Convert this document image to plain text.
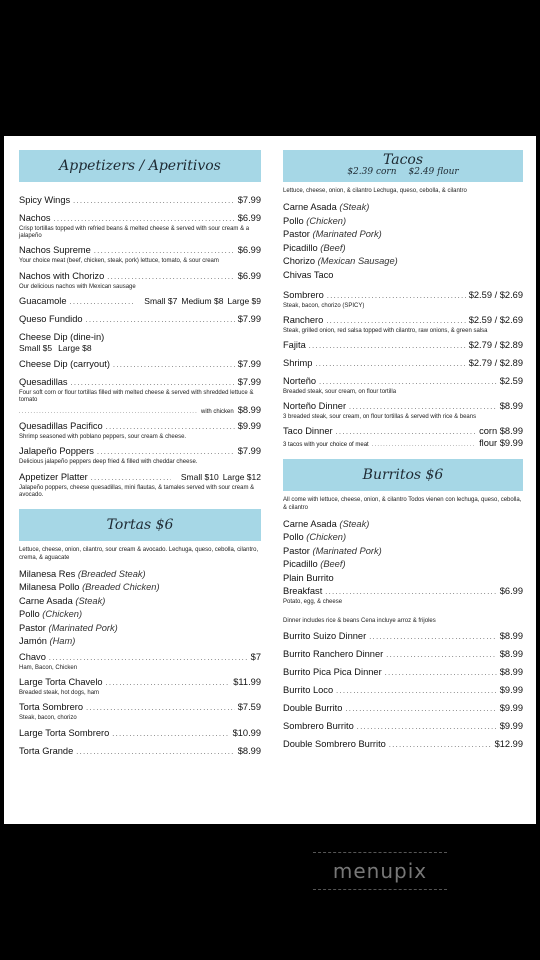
Appetizers / Aperitivos
Spicy Wings .....	$7.99
Nachos .....	$6.99
Crisp tortillas topped with refried beans & melted cheese & served with sour cream & a jalapeño
Nachos Supreme .....	$6.99
Your choice meat (beef, chicken, steak, pork) lettuce, tomato, & sour cream
Nachos with Chorizo .....	$6.99
Our delicious nachos with Mexican sausage
Guacamole .....	Small $7 Medium $8 Large $9
Queso Fundido .....	$7.99
Cheese Dip (dine-in)
Small $5 Large $8
Cheese Dip (carryout) .....	$7.99
Quesadillas .....	$7.99
Four soft corn or flour tortillas filled with melted cheese & served with shredded lettuce & tomato
.....
with chicken $8.99
Quesadillas Pacifico .....	$9.99
Shrimp seasoned with poblano peppers, sour cream & cheese.
Jalapeño Poppers .....	$7.99
Delicious jalapeño peppers deep fried & filled with cheddar cheese.
Appetizer Platter .....	Small $10 Large $12
Jalapeño poppers, cheese quesadillas, mini flautas, & tamales served with sour cream & avocado.
Tortas $6
Lettuce, cheese, onion, cilantro, sour cream & avocado. Lechuga, queso, cebolla, cilantro, crema, & aguacate
Milanesa Res (Breaded Steak)
Milanesa Pollo (Breaded Chicken)
Carne Asada (Steak)
Pollo (Chicken)
Pastor (Marinated Pork)
Jamón (Ham)
Chavo .....	$7
Ham, Bacon, Chicken
Large Torta Chavelo .....	$11.99
Breaded steak, hot dogs, ham
Torta Sombrero .....	$7.59
Steak, bacon, chorizo
Large Torta Sombrero .....	$10.99
Torta Grande .....	$8.99
Tacos
$2.39 corn $2.49 flour
Lettuce, cheese, onion, & cilantro Lechuga, queso, cebolla, & cilantro
Carne Asada (Steak)
Pollo (Chicken)
Pastor (Marinated Pork)
Picadillo (Beef)
Chorizo (Mexican Sausage)
Chivas Taco
Sombrero .....	$2.59 / $2.69
Steak, bacon, chorizo (SPICY)
Ranchero .....	$2.59 / $2.69
Steak, grilled onion, red salsa topped with cilantro, raw onions, & green salsa
Fajita .....	$2.79 / $2.89
Shrimp .....	$2.79 / $2.89
Norteño .....	$2.59
Breaded steak, sour cream, on flour tortilla
Norteño Dinner .....	$8.99
3 breaded steak, sour cream, on flour tortillas & served with rice & beans
Taco Dinner .....	corn $8.99
3 tacos with your choice of meat .....	flour $9.99
Burritos $6
All come with lettuce, cheese, onion, & cilantro Todos vienen con lechuga, queso, cebolla, & cilantro
Carne Asada (Steak)
Pollo (Chicken)
Pastor (Marinated Pork)
Picadillo (Beef)
Plain Burrito
Breakfast .....	$6.99
Potato, egg, & cheese
Dinner includes rice & beans Cena incluye arroz & frijoles
Burrito Suizo Dinner .....	$8.99
Burrito Ranchero Dinner .....	$8.99
Burrito Pica Pica Dinner .....	$8.99
Burrito Loco .....	$9.99
Double Burrito .....	$9.99
Sombrero Burrito .....	$9.99
Double Sombrero Burrito .....	$12.99
menupix
